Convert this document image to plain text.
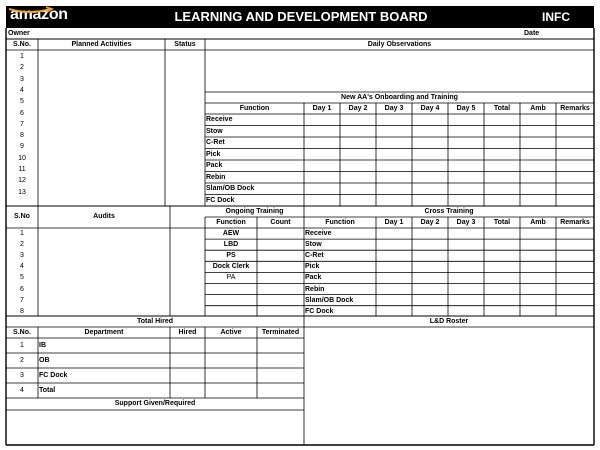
amazon	LEARNING AND DEVELOPMENT BOARD	INFC
Owner	Date
S.No.	Planned Activities	Status	Daily Observations
1
2
3
4
5
6
7
8
9
10
11
12
13
New AA's Onboarding and Training
Function	Day 1	Day 2	Day 3	Day 4	Day 5	Total	Amb	Remarks
Receive
Stow
C-Ret
Pick
Pack
Rebin
Slam/OB Dock
FC Dock
S.No	Audits
1
2
3
4
5
6
7
8
Ongoing Training
Function	Count
AEW
LBD
PS
Dock Clerk
PA
Cross Training
Function	Day 1	Day 2	Day 3	Total	Amb	Remarks
Receive
Stow
C-Ret
Pick
Pack
Rebin
Slam/OB Dock
FC Dock
Total Hired	L&D Roster
S.No.	Department	Hired	Active	Terminated
1	IB
2	OB
3	FC Dock
4	Total
Support Given/Required
